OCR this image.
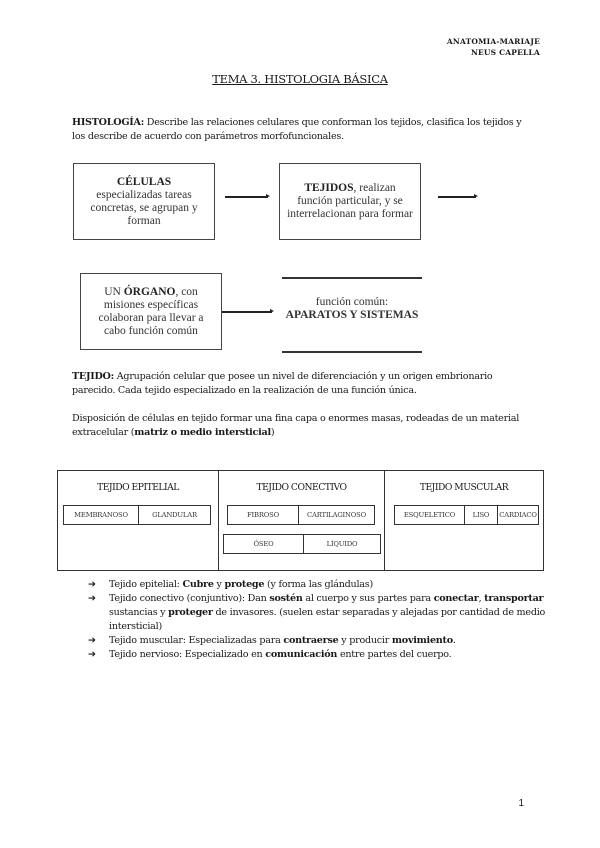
ANATOMIA-MARIAJE
NEUS CAPELLA
TEMA 3. HISTOLOGIA BÁSICA
HISTOLOGÍA: Describe las relaciones celulares que conforman los tejidos, clasifica los tejidos y los describe de acuerdo con parámetros morfofuncionales.
CÉLULAS
especializadas tareas concretas, se agrupan y forman
TEJIDOS, realizan función particular, y se interrelacionan para formar
UN ÓRGANO, con misiones específicas colaboran para llevar a cabo función común
función común:
APARATOS Y SISTEMAS
TEJIDO: Agrupación celular que posee un nivel de diferenciación y un origen embrionario parecido. Cada tejido especializado en la realización de una función única.
Disposición de células en tejido formar una fina capa o enormes masas, rodeadas de un material extracelular (matriz o medio intersticial)
TEJIDO EPITELIAL
MEMBRANOSO	GLANDULAR
TEJIDO CONECTIVO
FIBROSO	CARTILAGINOSO
ÓSEO	LÍQUIDO
TEJIDO MUSCULAR
ESQUELETICO	LISO	CARDIACO
➔	Tejido epitelial: Cubre y protege (y forma las glándulas)
➔	Tejido conectivo (conjuntivo): Dan sostén al cuerpo y sus partes para conectar, transportar sustancias y proteger de invasores. (suelen estar separadas y alejadas por cantidad de medio intersticial)
➔	Tejido muscular: Especializadas para contraerse y producir movimiento.
➔	Tejido nervioso: Especializado en comunicación entre partes del cuerpo.
1
